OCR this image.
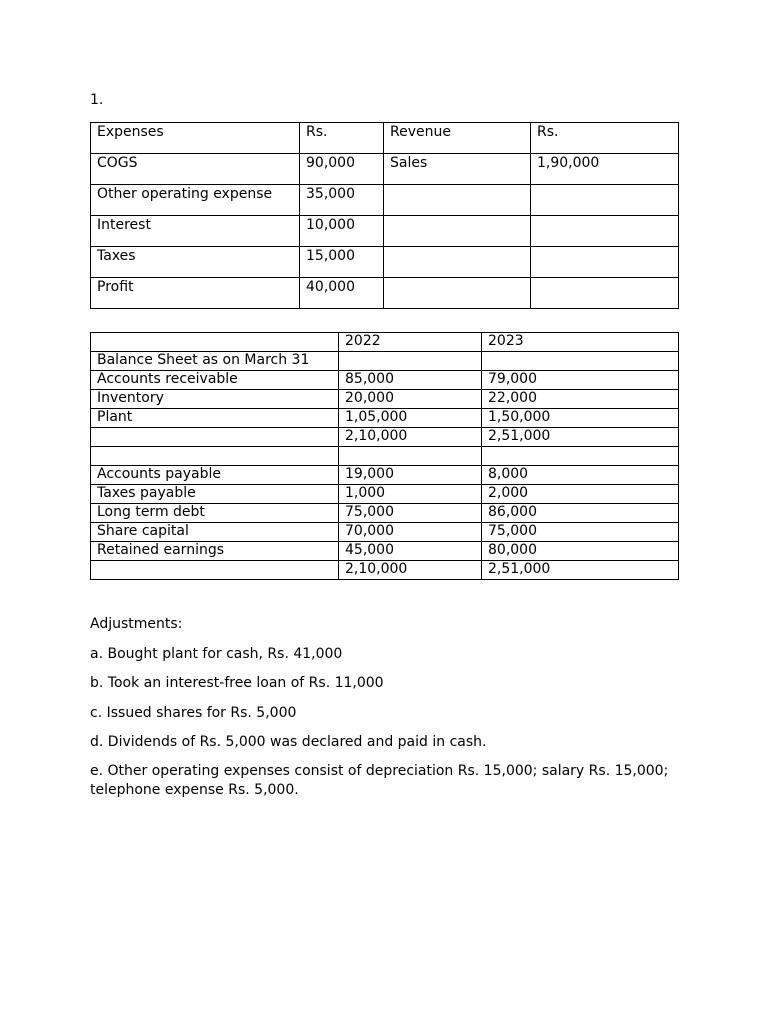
1.
Expenses	Rs.	Revenue	Rs.
COGS	90,000	Sales	1,90,000
Other operating expense	35,000		
Interest	10,000		
Taxes	15,000		
Profit	40,000		
	2022	2023
Balance Sheet as on March 31		
Accounts receivable	85,000	79,000
Inventory	20,000	22,000
Plant	1,05,000	1,50,000
	2,10,000	2,51,000

Accounts payable	19,000	8,000
Taxes payable	1,000	2,000
Long term debt	75,000	86,000
Share capital	70,000	75,000
Retained earnings	45,000	80,000
	2,10,000	2,51,000
Adjustments:
a. Bought plant for cash, Rs. 41,000
b. Took an interest-free loan of Rs. 11,000
c. Issued shares for Rs. 5,000
d. Dividends of Rs. 5,000 was declared and paid in cash.
e. Other operating expenses consist of depreciation Rs. 15,000; salary Rs. 15,000; telephone expense Rs. 5,000.
